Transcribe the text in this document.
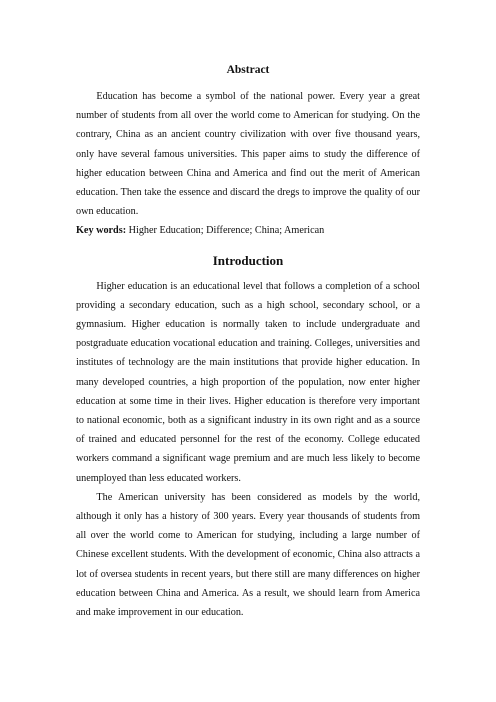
Abstract

Education has become a symbol of the national power. Every year a great number of students from all over the world come to American for studying. On the contrary, China as an ancient country civilization with over five thousand years, only have several famous universities. This paper aims to study the difference of higher education between China and America and find out the merit of American education. Then take the essence and discard the dregs to improve the quality of our own education.

Key words: Higher Education; Difference; China; American

Introduction

Higher education is an educational level that follows a completion of a school providing a secondary education, such as a high school, secondary school, or a gymnasium. Higher education is normally taken to include undergraduate and postgraduate education vocational education and training. Colleges, universities and institutes of technology are the main institutions that provide higher education. In many developed countries, a high proportion of the population, now enter higher education at some time in their lives. Higher education is therefore very important to national economic, both as a significant industry in its own right and as a source of trained and educated personnel for the rest of the economy. College educated workers command a significant wage premium and are much less likely to become unemployed than less educated workers.

The American university has been considered as models by the world, although it only has a history of 300 years. Every year thousands of students from all over the world come to American for studying, including a large number of Chinese excellent students. With the development of economic, China also attracts a lot of oversea students in recent years, but there still are many differences on higher education between China and America. As a result, we should learn from America and make improvement in our education.
